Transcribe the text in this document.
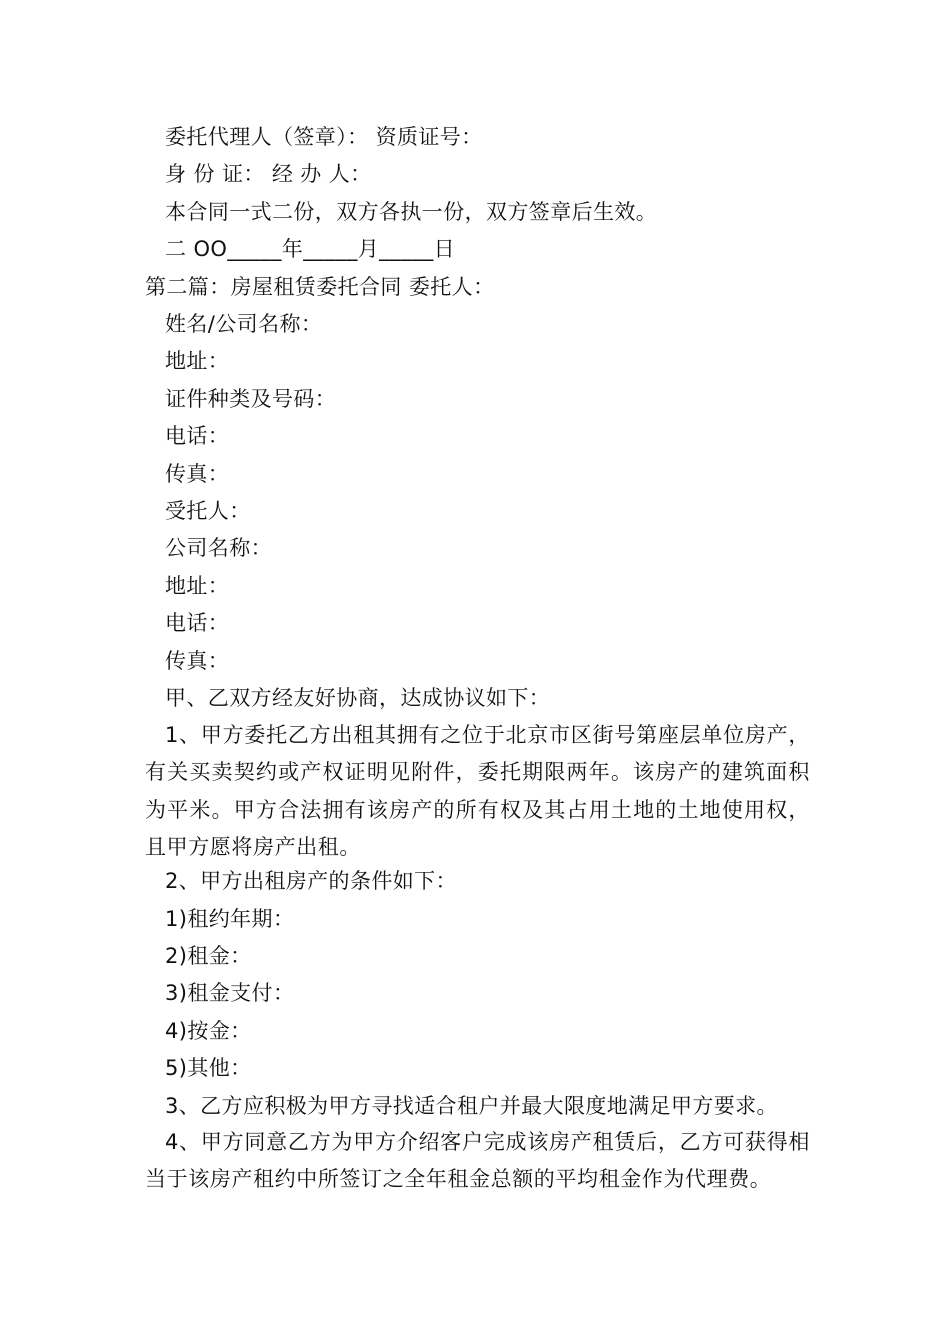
委托代理人（签章）： 资质证号：
身 份 证： 经 办 人：
本合同一式二份，双方各执一份，双方签章后生效。
二 OO_____年_____月_____日
第二篇：房屋租赁委托合同 委托人：
姓名/公司名称：
地址：
证件种类及号码：
电话：
传真：
受托人：
公司名称：
地址：
电话：
传真：
甲、乙双方经友好协商，达成协议如下：
1、甲方委托乙方出租其拥有之位于北京市区街号第座层单位房产，有关买卖契约或产权证明见附件，委托期限两年。该房产的建筑面积为平米。甲方合法拥有该房产的所有权及其占用土地的土地使用权，且甲方愿将房产出租。
2、甲方出租房产的条件如下：
1)租约年期：
2)租金：
3)租金支付：
4)按金：
5)其他：
3、乙方应积极为甲方寻找适合租户并最大限度地满足甲方要求。
4、甲方同意乙方为甲方介绍客户完成该房产租赁后，乙方可获得相当于该房产租约中所签订之全年租金总额的平均租金作为代理费。
